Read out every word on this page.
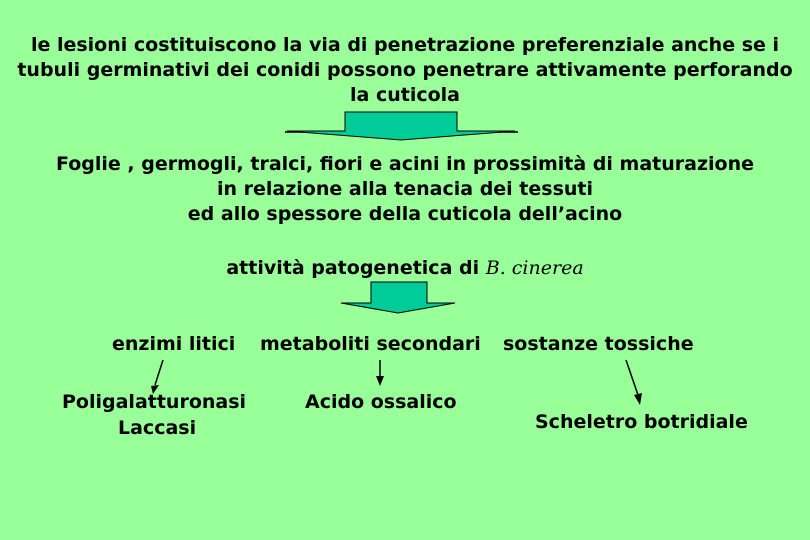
le lesioni costituiscono la via di penetrazione preferenziale anche se i
tubuli germinativi dei conidi possono penetrare attivamente perforando
la cuticola
Foglie , germogli, tralci, fiori e acini in prossimità di maturazione
in relazione alla tenacia dei tessuti
ed allo spessore della cuticola dell’acino
attività patogenetica di B. cinerea
enzimi litici metaboliti secondari sostanze tossiche
Poligalatturonasi
Laccasi
Acido ossalico
Scheletro botridiale
